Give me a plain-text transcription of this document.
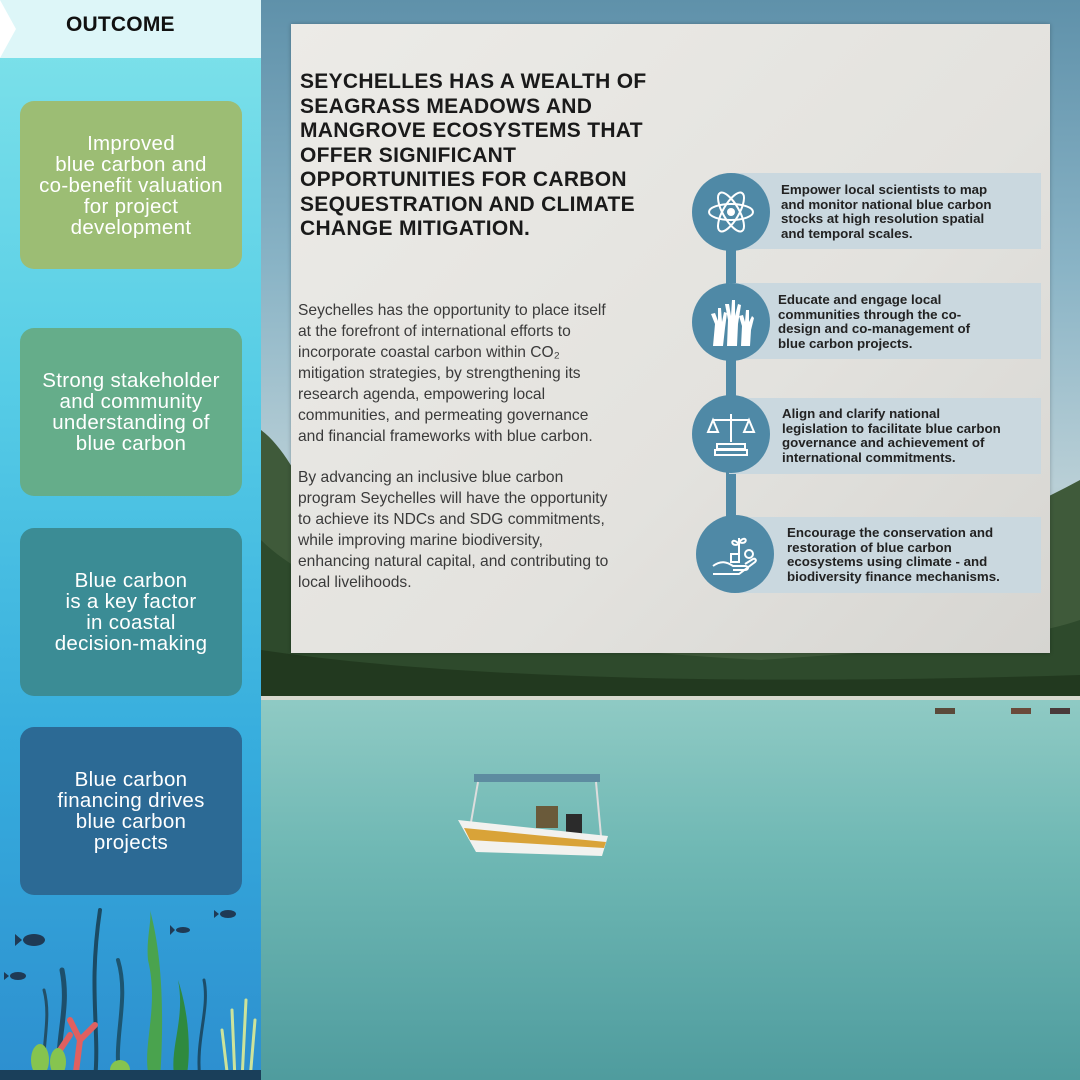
OUTCOME
Improved
blue carbon and
co-benefit valuation
for project
development
Strong stakeholder
and community
understanding of
blue carbon
Blue carbon
is a key factor
in coastal
decision-making
Blue carbon
financing drives
blue carbon
projects
SEYCHELLES HAS A WEALTH OF SEAGRASS MEADOWS AND MANGROVE ECOSYSTEMS THAT OFFER SIGNIFICANT OPPORTUNITIES FOR CARBON SEQUESTRATION AND CLIMATE CHANGE MITIGATION.
Seychelles has the opportunity to place itself
at the forefront of international efforts to
incorporate coastal carbon within CO₂
mitigation strategies, by strengthening its
research agenda, empowering local
communities, and permeating governance
and financial frameworks with blue carbon.
By advancing an inclusive blue carbon
program Seychelles will have the opportunity
to achieve its NDCs and SDG commitments,
while improving marine biodiversity,
enhancing natural capital, and contributing to
local livelihoods.
Empower local scientists to map
and monitor national blue carbon
stocks at high resolution spatial
and temporal scales.
Educate and engage local
communities through the co-
design and co-management of
blue carbon projects.
Align and clarify national
legislation to facilitate blue carbon
governance and achievement of
international commitments.
Encourage the conservation and
restoration of blue carbon
ecosystems using climate - and
biodiversity finance mechanisms.
